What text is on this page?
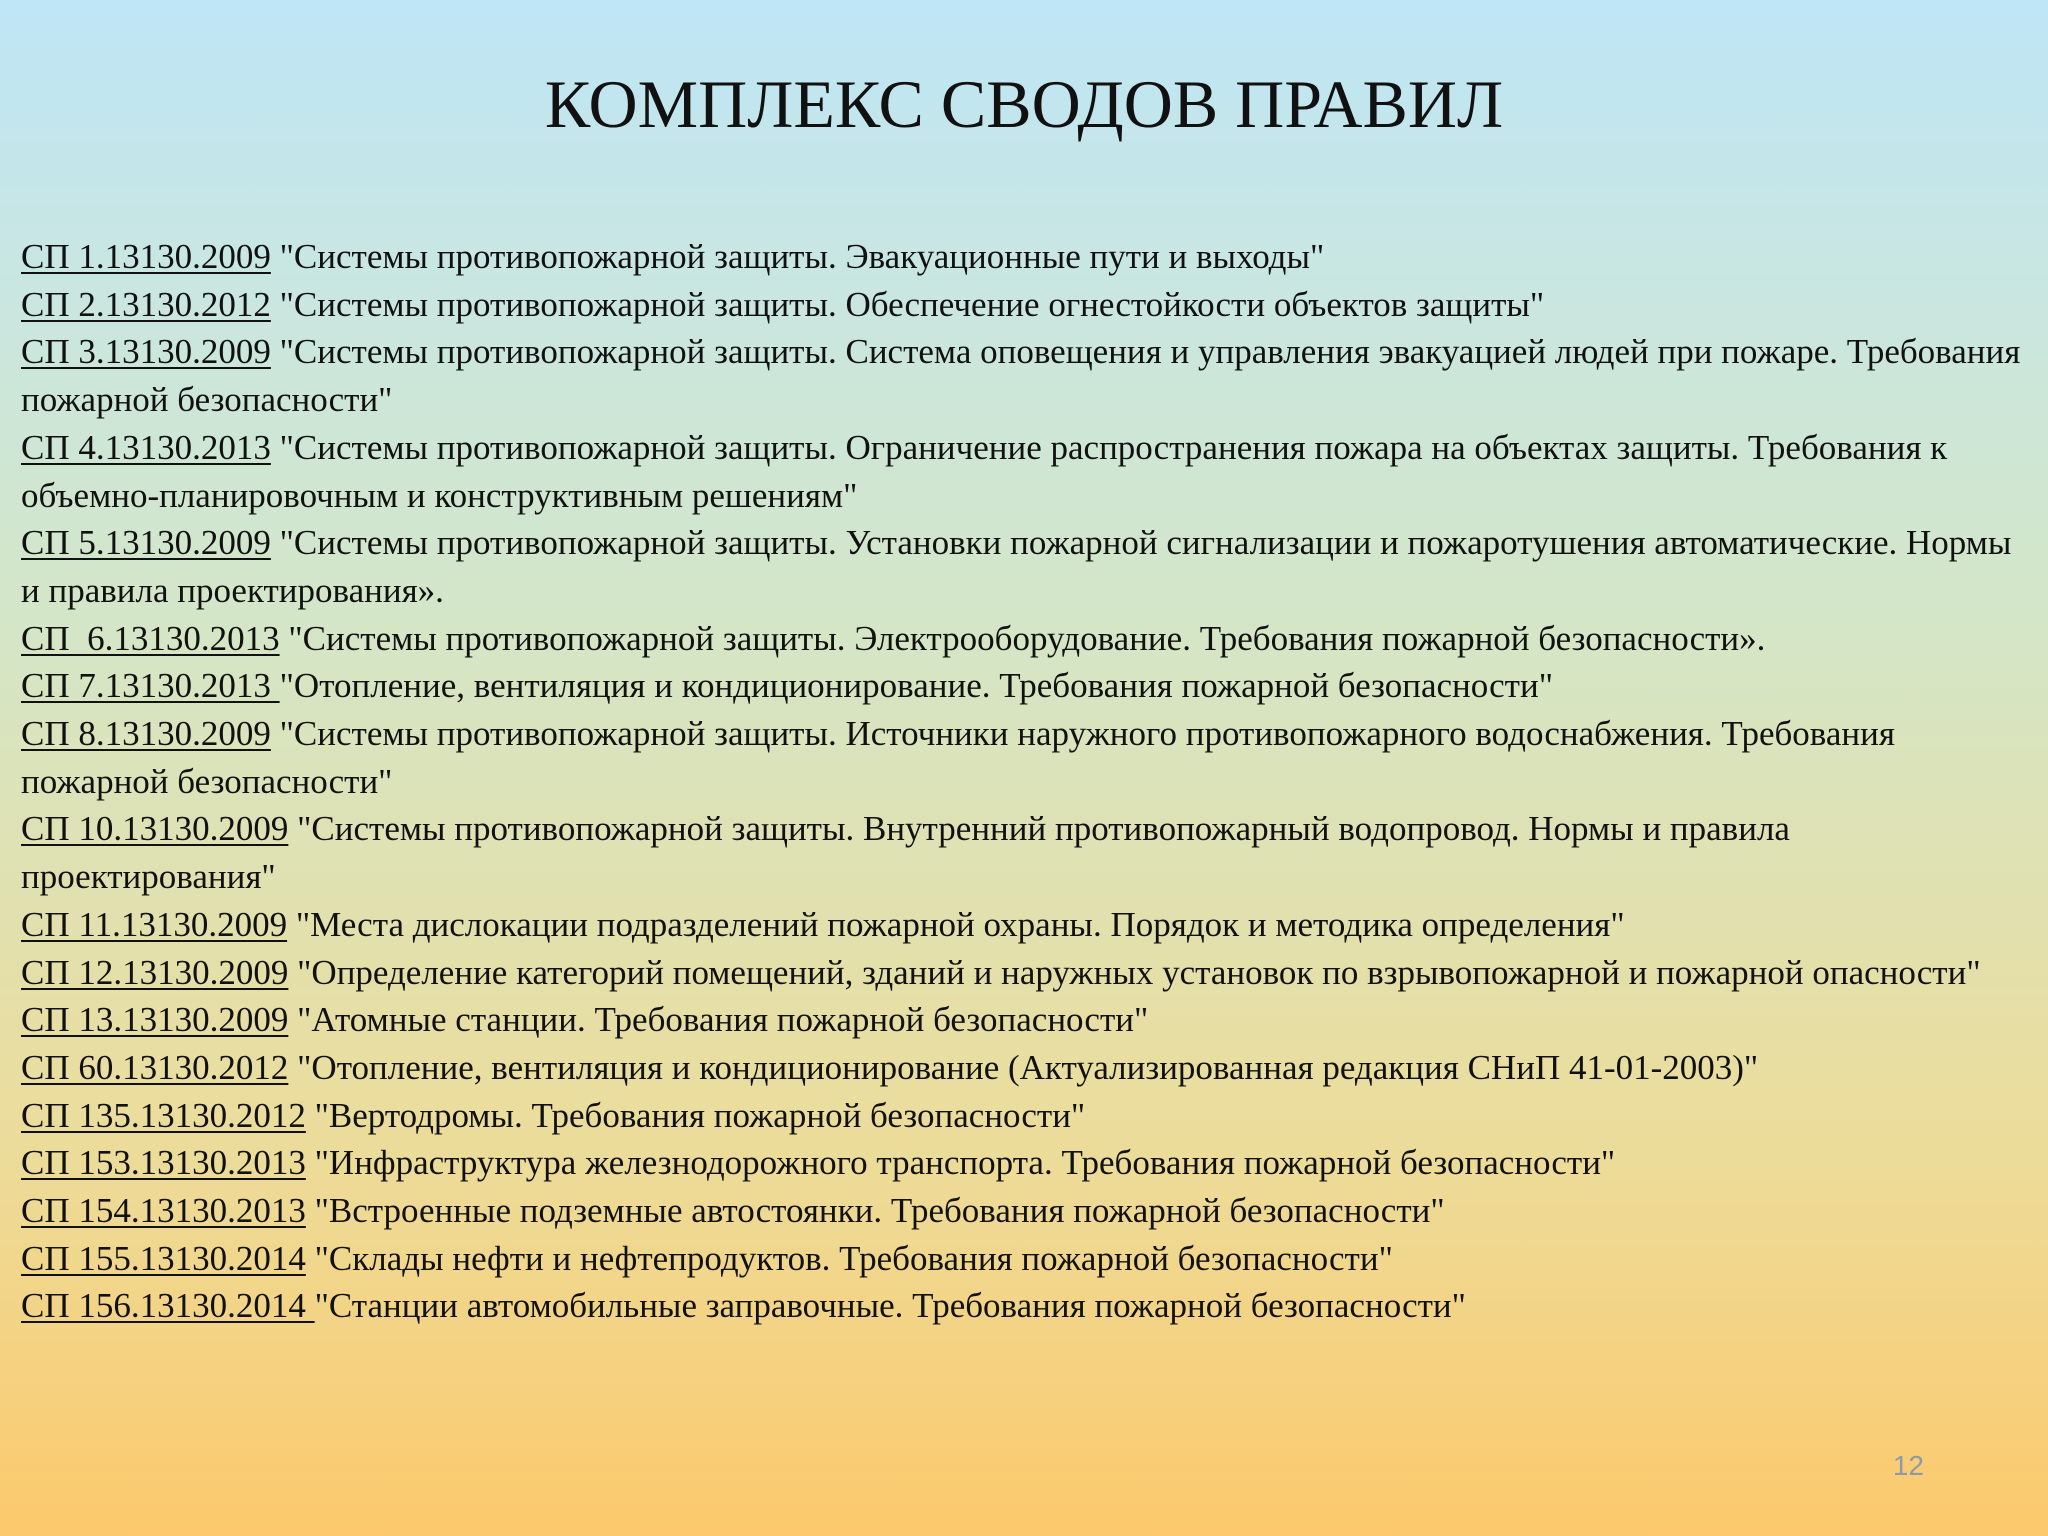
КОМПЛЕКС СВОДОВ ПРАВИЛ
СП 1.13130.2009 "Системы противопожарной защиты. Эвакуационные пути и выходы"
СП 2.13130.2012 "Системы противопожарной защиты. Обеспечение огнестойкости объектов защиты"
СП 3.13130.2009 "Системы противопожарной защиты. Система оповещения и управления эвакуацией людей при пожаре. Требования пожарной безопасности"
СП 4.13130.2013 "Системы противопожарной защиты. Ограничение распространения пожара на объектах защиты. Требования к объемно-планировочным и конструктивным решениям"
СП 5.13130.2009 "Системы противопожарной защиты. Установки пожарной сигнализации и пожаротушения автоматические. Нормы и правила проектирования».
СП  6.13130.2013 "Системы противопожарной защиты. Электрооборудование. Требования пожарной безопасности».
СП 7.13130.2013 "Отопление, вентиляция и кондиционирование. Требования пожарной безопасности"
СП 8.13130.2009 "Системы противопожарной защиты. Источники наружного противопожарного водоснабжения. Требования пожарной безопасности"
СП 10.13130.2009 "Системы противопожарной защиты. Внутренний противопожарный водопровод. Нормы и правила проектирования"
СП 11.13130.2009 "Места дислокации подразделений пожарной охраны. Порядок и методика определения"
СП 12.13130.2009 "Определение категорий помещений, зданий и наружных установок по взрывопожарной и пожарной опасности"
СП 13.13130.2009 "Атомные станции. Требования пожарной безопасности"
СП 60.13130.2012 "Отопление, вентиляция и кондиционирование (Актуализированная редакция СНиП 41-01-2003)"
СП 135.13130.2012 "Вертодромы. Требования пожарной безопасности"
СП 153.13130.2013 "Инфраструктура железнодорожного транспорта. Требования пожарной безопасности"
СП 154.13130.2013 "Встроенные подземные автостоянки. Требования пожарной безопасности"
СП 155.13130.2014 "Склады нефти и нефтепродуктов. Требования пожарной безопасности"
СП 156.13130.2014 "Станции автомобильные заправочные. Требования пожарной безопасности"
12
